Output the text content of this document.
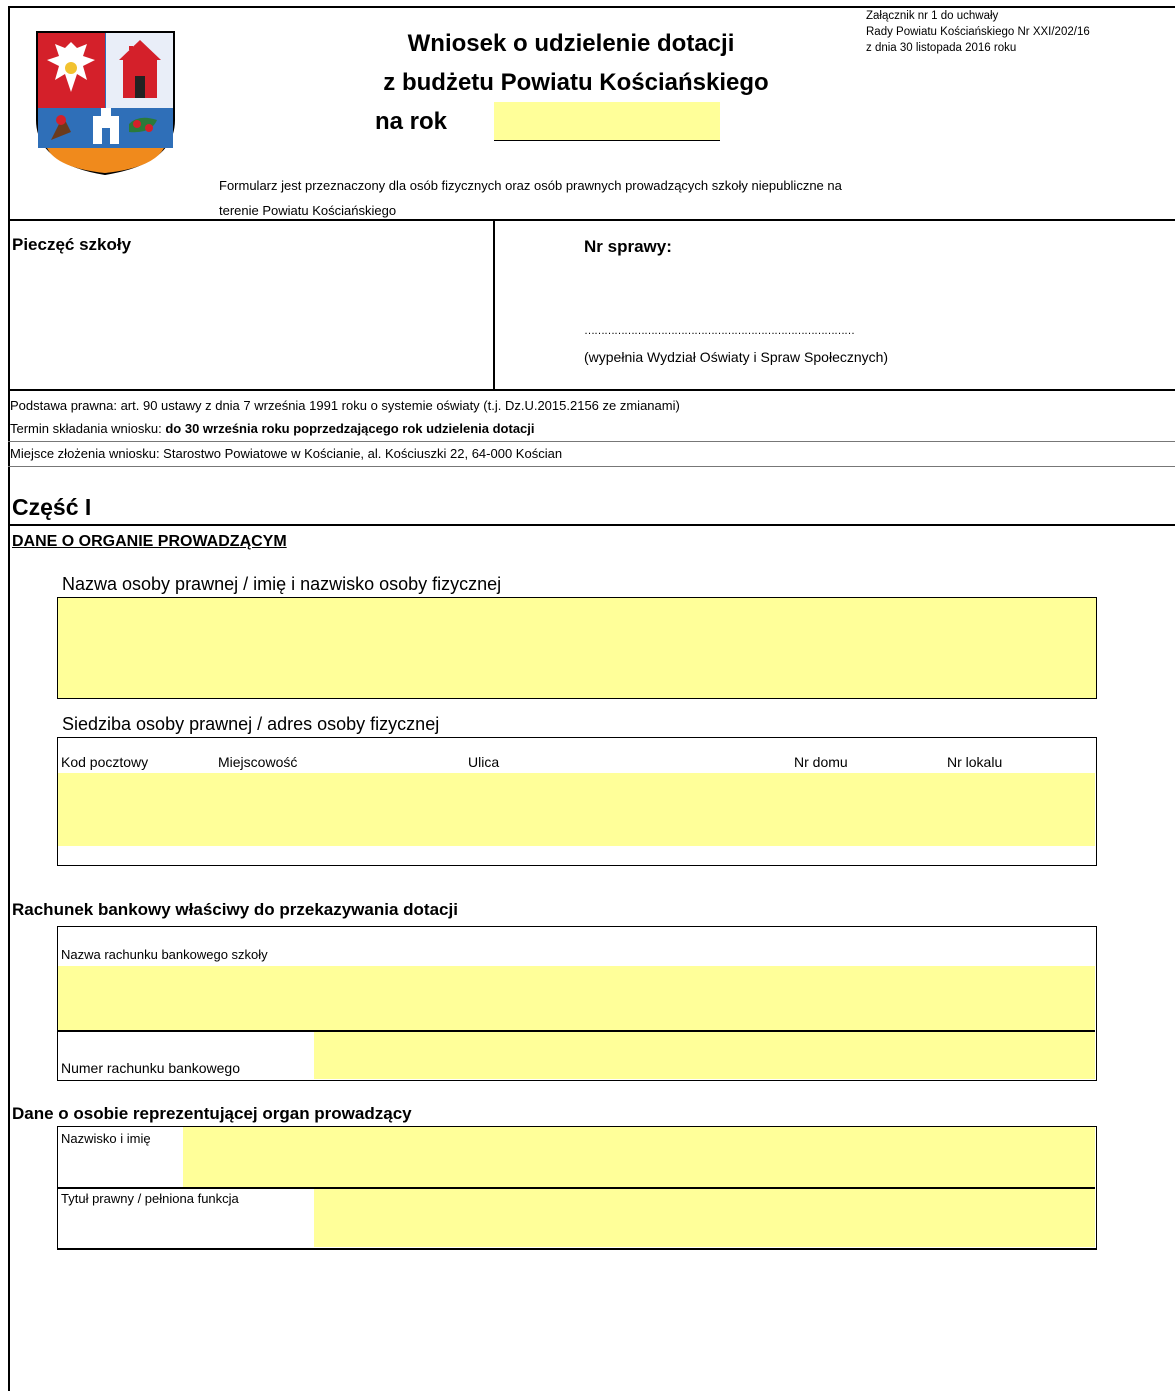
Wniosek o udzielenie dotacji
z budżetu Powiatu Kościańskiego
na rok
Załącznik nr 1 do uchwały
Rady Powiatu Kościańskiego Nr XXI/202/16
z dnia 30 listopada 2016 roku
Formularz jest przeznaczony dla osób fizycznych oraz osób prawnych prowadzących szkoły niepubliczne na
terenie Powiatu Kościańskiego
Pieczęć szkoły	Nr sprawy:
………………………………………………………………………
(wypełnia Wydział Oświaty i Spraw Społecznych)
Podstawa prawna: art. 90 ustawy z dnia 7 września 1991 roku o systemie oświaty (t.j. Dz.U.2015.2156 ze zmianami)
Termin składania wniosku: do 30 września roku poprzedzającego rok udzielenia dotacji
Miejsce złożenia wniosku: Starostwo Powiatowe w Kościanie, al. Kościuszki 22, 64-000 Kościan
Część I
DANE O ORGANIE PROWADZĄCYM
Nazwa osoby prawnej / imię i nazwisko osoby fizycznej
Siedziba osoby prawnej / adres osoby fizycznej
Kod pocztowy	Miejscowość	Ulica	Nr domu	Nr lokalu
Rachunek bankowy właściwy do przekazywania dotacji
Nazwa rachunku bankowego szkoły
Numer rachunku bankowego
Dane o osobie reprezentującej organ prowadzący
Nazwisko i imię
Tytuł prawny / pełniona funkcja
